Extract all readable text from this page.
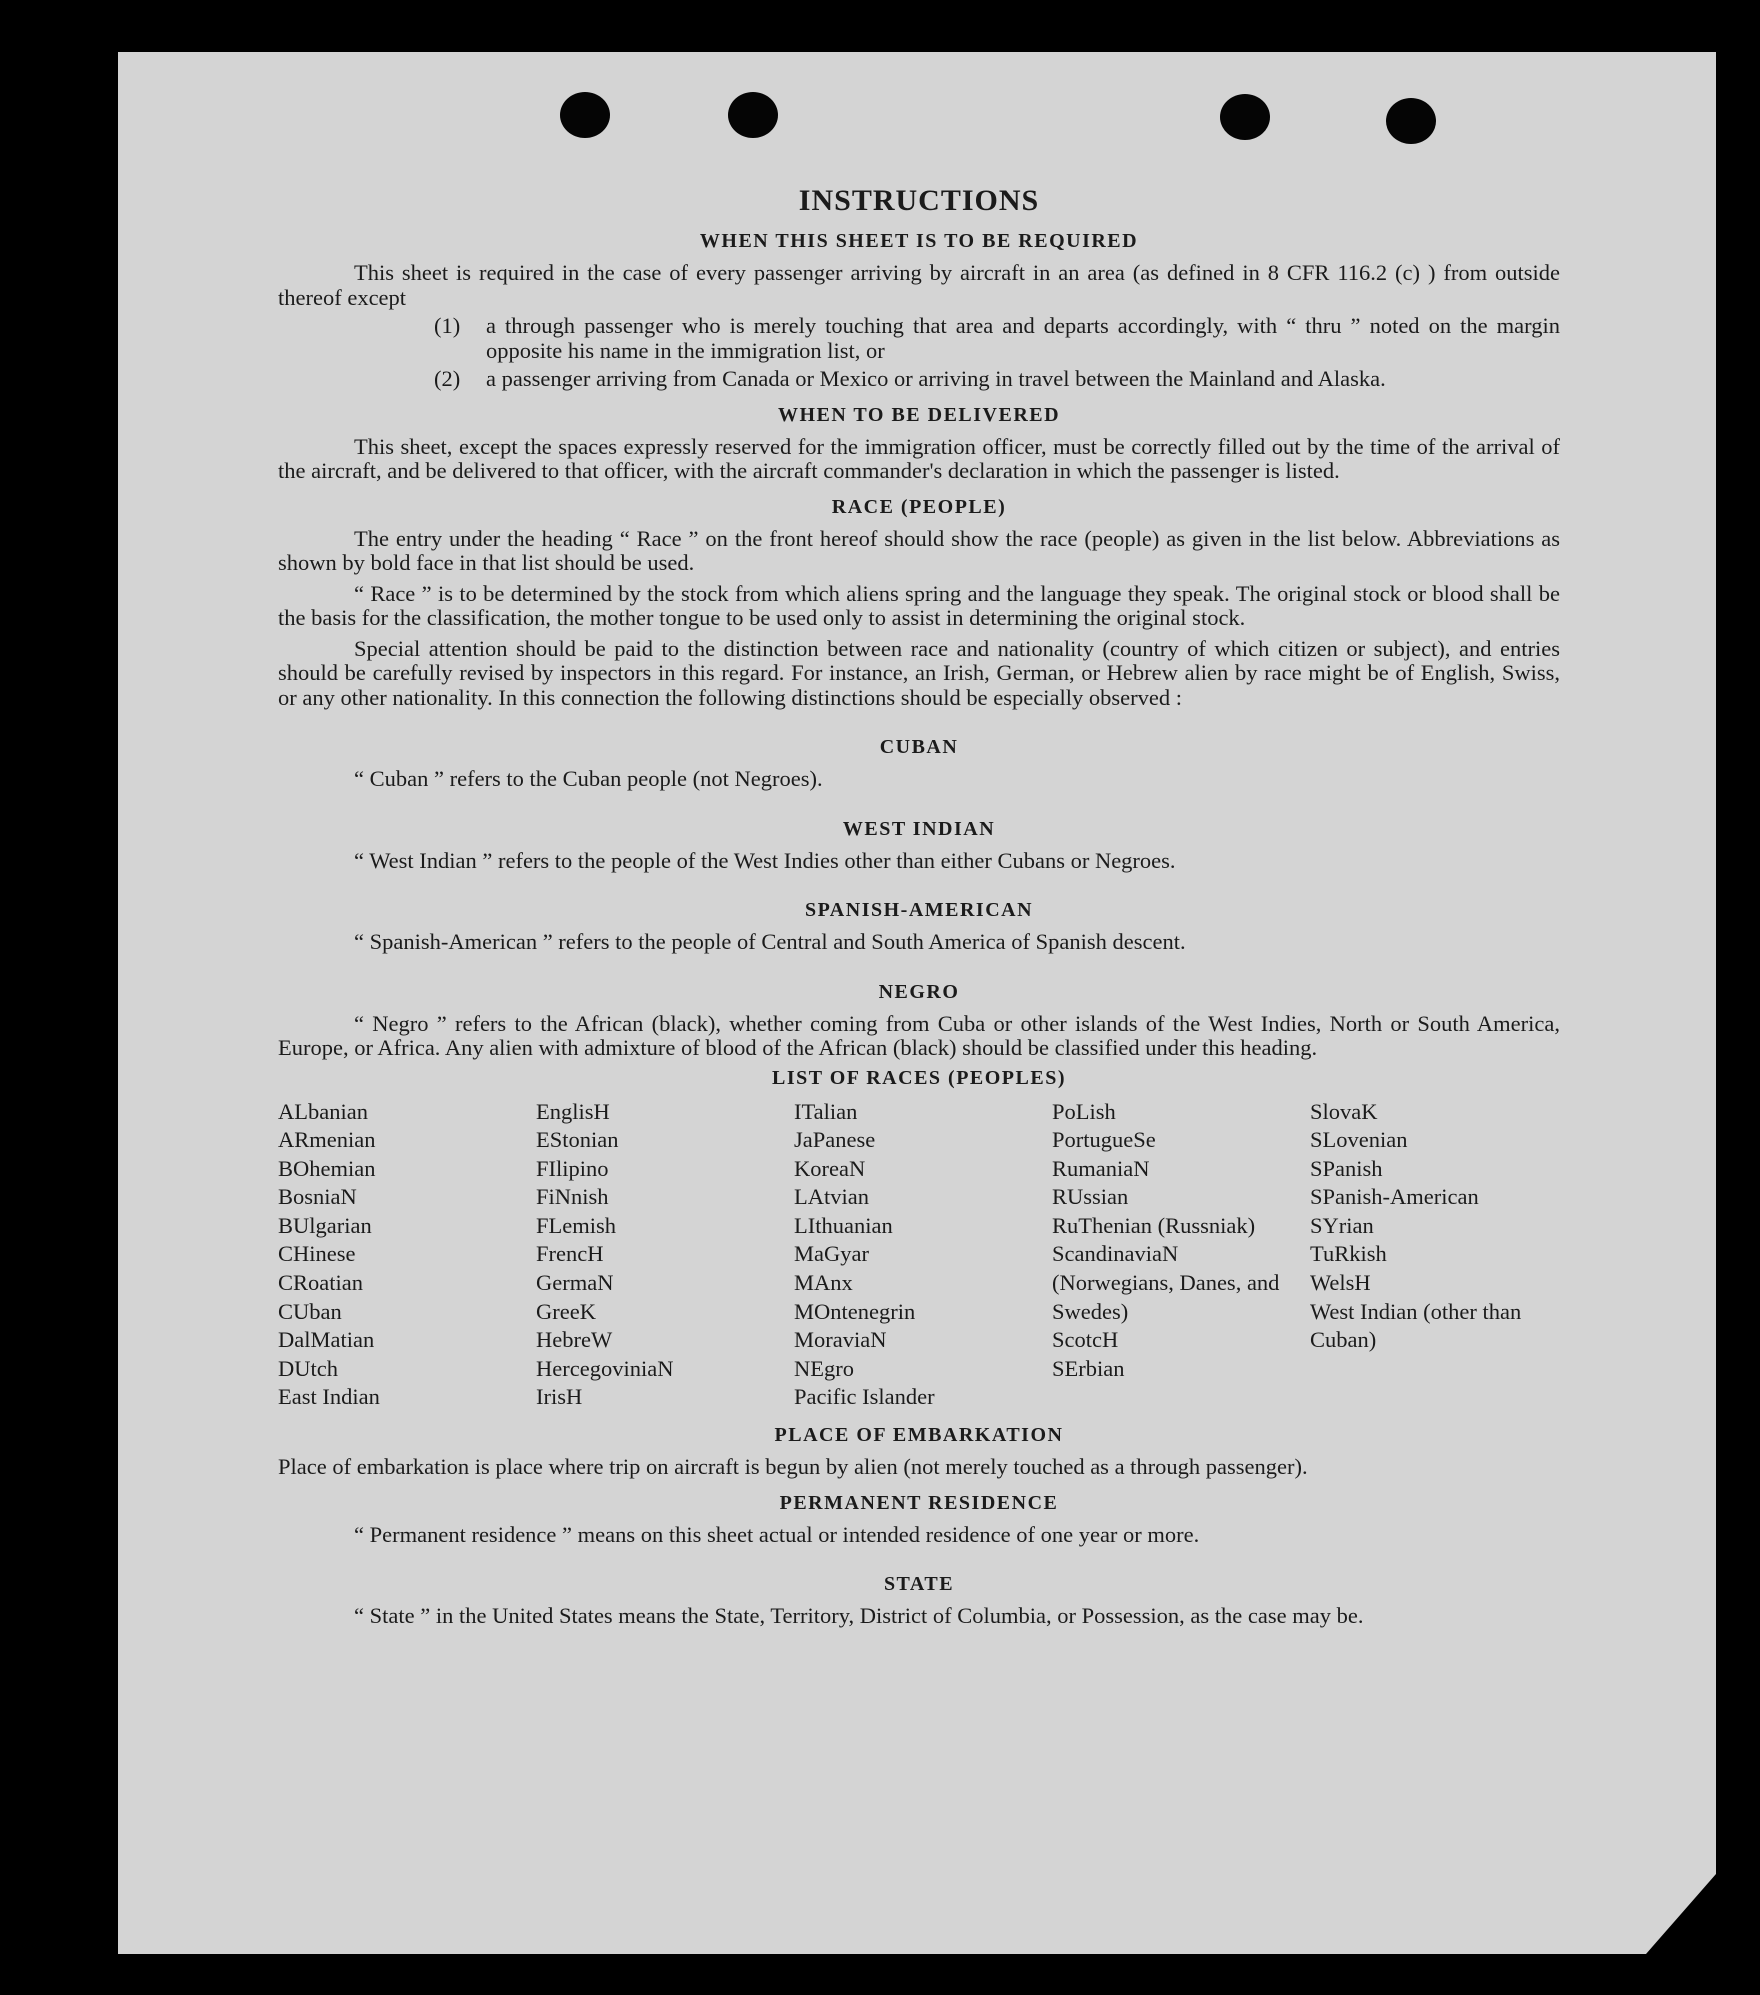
INSTRUCTIONS
WHEN THIS SHEET IS TO BE REQUIRED

This sheet is required in the case of every passenger arriving by aircraft in an area (as defined in 8 CFR 116.2 (c) ) from outside thereof except

(1)	a through passenger who is merely touching that area and departs accordingly, with “ thru ” noted on the margin opposite his name in the immigration list, or
(2)	a passenger arriving from Canada or Mexico or arriving in travel between the Mainland and Alaska.
WHEN TO BE DELIVERED

This sheet, except the spaces expressly reserved for the immigration officer, must be correctly filled out by the time of the arrival of the aircraft, and be delivered to that officer, with the aircraft commander's declaration in which the passenger is listed.

RACE (PEOPLE)

The entry under the heading “ Race ” on the front hereof should show the race (people) as given in the list below. Abbreviations as shown by bold face in that list should be used.

“ Race ” is to be determined by the stock from which aliens spring and the language they speak. The original stock or blood shall be the basis for the classification, the mother tongue to be used only to assist in determining the original stock.

Special attention should be paid to the distinction between race and nationality (country of which citizen or subject), and entries should be carefully revised by inspectors in this regard. For instance, an Irish, German, or Hebrew alien by race might be of English, Swiss, or any other nationality. In this connection the following distinctions should be especially observed :

CUBAN

“ Cuban ” refers to the Cuban people (not Negroes).

WEST INDIAN

“ West Indian ” refers to the people of the West Indies other than either Cubans or Negroes.

SPANISH-AMERICAN

“ Spanish-American ” refers to the people of Central and South America of Spanish descent.

NEGRO

“ Negro ” refers to the African (black), whether coming from Cuba or other islands of the West Indies, North or South America, Europe, or Africa. Any alien with admixture of blood of the African (black) should be classified under this heading.

LIST OF RACES (PEOPLES)
ALbanian
ARmenian
BOhemian
BosniaN
BUlgarian
CHinese
CRoatian
CUban
DalMatian
DUtch
East Indian
EnglisH
EStonian
FIlipino
FiNnish
FLemish
FrencH
GermaN
GreeK
HebreW
HercegoviniaN
IrisH
ITalian
JaPanese
KoreaN
LAtvian
LIthuanian
MaGyar
MAnx
MOntenegrin
MoraviaN
NEgro
Pacific Islander
PoLish
PortugueSe
RumaniaN
RUssian
RuThenian (Russniak)
ScandinaviaN (Norwegians, Danes, and Swedes)
ScotcH
SErbian
SlovaK
SLovenian
SPanish
SPanish-American
SYrian
TuRkish
WelsH
West Indian (other than Cuban)
PLACE OF EMBARKATION

Place of embarkation is place where trip on aircraft is begun by alien (not merely touched as a through passenger).

PERMANENT RESIDENCE

“ Permanent residence ” means on this sheet actual or intended residence of one year or more.

STATE

“ State ” in the United States means the State, Territory, District of Columbia, or Possession, as the case may be.
